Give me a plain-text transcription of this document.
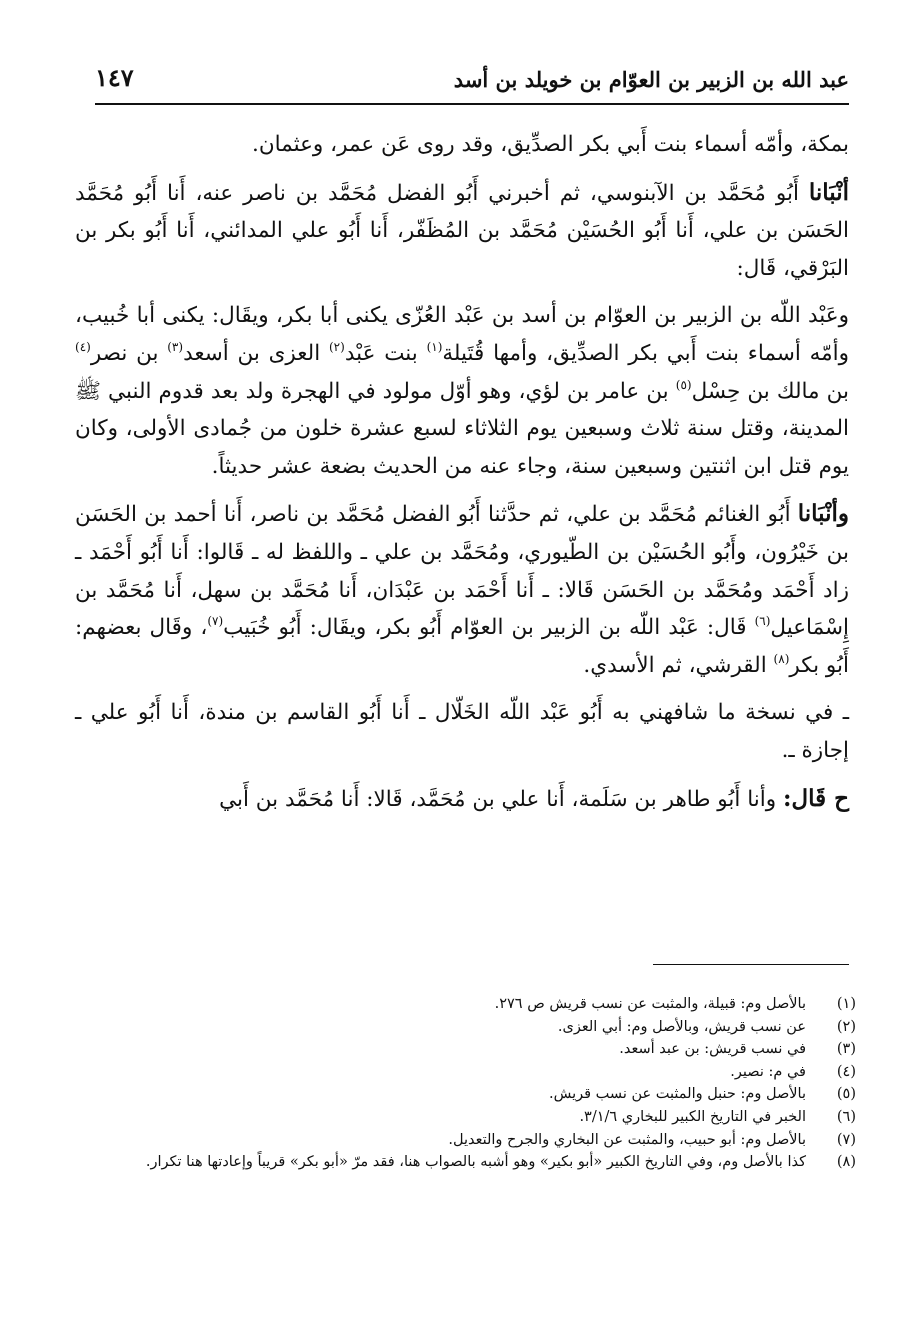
عبد الله بن الزبير بن العوّام بن خويلد بن أسد
١٤٧

بمكة، وأمّه أسماء بنت أَبي بكر الصدِّيق، وقد روى عَن عمر، وعثمان.

أنْبَانا أَبُو مُحَمَّد بن الآبنوسي، ثم أخبرني أَبُو الفضل مُحَمَّد بن ناصر عنه، أَنا أَبُو مُحَمَّد الحَسَن بن علي، أَنا أَبُو الحُسَيْن مُحَمَّد بن المُظَفّر، أَنا أَبُو علي المدائني، أَنا أَبُو بكر بن البَرْقي، قَال:

وعَبْد اللّه بن الزبير بن العوّام بن أسد بن عَبْد العُزّى يكنى أبا بكر، ويقَال: يكنى أبا خُبيب، وأمّه أسماء بنت أَبي بكر الصدِّيق، وأمها قُتَيلة$^{(١)}$ بنت عَبْد$^{(٢)}$ العزى بن أسعد$^{(٣)}$ بن نصر$^{(٤)}$ بن مالك بن حِسْل$^{(٥)}$ بن عامر بن لؤي، وهو أوّل مولود في الهجرة ولد بعد قدوم النبي ﷺ المدينة، وقتل سنة ثلاث وسبعين يوم الثلاثاء لسبع عشرة خلون من جُمادى الأولى، وكان يوم قتل ابن اثنتين وسبعين سنة، وجاء عنه من الحديث بضعة عشر حديثاً.

وأنْبَانا أَبُو الغنائم مُحَمَّد بن علي، ثم حدَّثنا أَبُو الفضل مُحَمَّد بن ناصر، أَنا أحمد بن الحَسَن بن خَيْرُون، وأَبُو الحُسَيْن بن الطّيوري، ومُحَمَّد بن علي ـ واللفظ له ـ قَالوا: أَنا أَبُو أَحْمَد ـ زاد أَحْمَد ومُحَمَّد بن الحَسَن قَالا: ـ أَنا أَحْمَد بن عَبْدَان، أَنا مُحَمَّد بن سهل، أَنا مُحَمَّد بن إِسْمَاعيل$^{(٦)}$ قَال: عَبْد اللّه بن الزبير بن العوّام أَبُو بكر، ويقَال: أَبُو خُبَيب$^{(٧)}$، وقَال بعضهم: أَبُو بكر$^{(٨)}$ القرشي، ثم الأسدي.

ـ في نسخة ما شافهني به أَبُو عَبْد اللّه الخَلّال ـ أَنا أَبُو القاسم بن مندة، أَنا أَبُو علي ـ إجازة ـ.

ح قَال: وأنا أَبُو طاهر بن سَلَمة، أَنا علي بن مُحَمَّد، قَالا: أَنا مُحَمَّد بن أَبي

(١)
بالأصل وم: قبيلة، والمثبت عن نسب قريش ص ٢٧٦.
(٢)
عن نسب قريش، وبالأصل وم: أبي العزى.
(٣)
في نسب قريش: بن عبد أسعد.
(٤)
في م: نصير.
(٥)
بالأصل وم: حنبل والمثبت عن نسب قريش.
(٦)
الخبر في التاريخ الكبير للبخاري ٣/١/٦.
(٧)
بالأصل وم: أبو حبيب، والمثبت عن البخاري والجرح والتعديل.
(٨)
كذا بالأصل وم، وفي التاريخ الكبير «أبو بكير» وهو أشبه بالصواب هنا، فقد مرّ «أبو بكر» قريباً وإعادتها هنا تكرار.
